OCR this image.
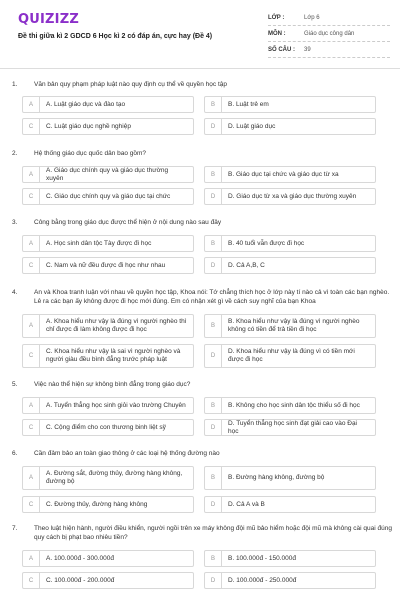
QUIZIZZ
Đề thi giữa kì 2 GDCD 6 Học kì 2 có đáp án, cực hay (Đề 4)
LỚP :	Lớp 6
MÔN :	Giáo dục công dân
SỐ CÂU :	39
1.	Văn bản quy phạm pháp luật nào quy định cụ thể về quyền học tập
A	A. Luật giáo dục và đào tạo	B	B. Luật trẻ em
C	C. Luật giáo dục nghề nghiệp	D	D. Luật giáo dục
2.	Hệ thống giáo dục quốc dân bao gồm?
A
A. Giáo dục chính quy và giáo dục thường xuyên	B	B. Giáo dục tại chức và giáo dục từ xa
C	C. Giáo dục chính quy và giáo dục tại chức	D	D. Giáo dục từ xa và giáo dục thường xuyên
3.	Công bằng trong giáo dục được thể hiện ở nội dung nào sau đây
A	A. Học sinh dân tộc Tày được đi học	B	B. 40 tuổi vẫn được đi học
C	C. Nam và nữ đều được đi học như nhau	D	D. Cả A,B, C
4.	An và Khoa tranh luận với nhau về quyền học tập, Khoa nói: Tớ chẳng thích học ở lớp này tí nào cả vì toàn các bạn nghèo. Lê ra các bạn ấy không được đi học mới đúng. Em có nhận xét gì về cách suy nghĩ của bạn Khoa
A
A. Khoa hiểu như vậy là đúng vì người nghèo thì chỉ được đi làm không được đi học	B
B. Khoa hiểu như vậy là đúng vì người nghèo không có tiền để trả tiền đi học
C
C. Khoa hiểu như vậy là sai vì người nghèo và người giàu đều bình đẳng trước pháp luật	D
D. Khoa hiểu như vậy là đúng vì có tiền mới được đi học
5.	Việc nào thể hiện sự không bình đẳng trong giáo dục?
A	A. Tuyển thẳng học sinh giỏi vào trường Chuyên	B	B. Không cho học sinh dân tộc thiểu số đi học
C	C. Cộng điểm cho con thương binh liệt sỹ	D
D. Tuyển thẳng học sinh đạt giải cao vào Đại học
6.	Cần đảm bảo an toàn giao thông ở các loại hệ thống đường nào
A
A. Đường sắt, đường thủy, đường hàng không, đường bộ	B	B. Đường hàng không, đường bộ
C	C. Đường thủy, đường hàng không	D	D. Cả A và B
7.	Theo luật hiện hành, người điều khiển, người ngồi trên xe máy không đội mũ bảo hiểm hoặc đội mũ mà không cài quai đúng quy cách bị phạt bao nhiêu tiền?
A	A. 100.000đ - 300.000đ	B	B. 100.000đ - 150.000đ
C	C. 100.000đ - 200.000đ	D	D. 100.000đ - 250.000đ
